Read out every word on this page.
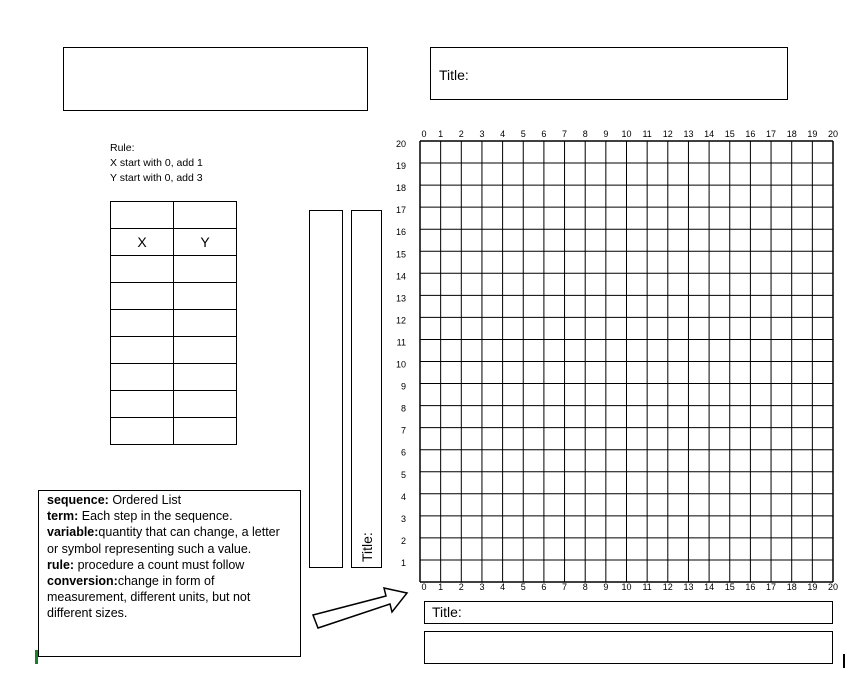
Title:
Rule:
X start with 0, add 1
Y start with 0, add 3

X	Y

Title:
sequence: Ordered List
term: Each step in the sequence.
variable:quantity that can change, a letter or symbol representing such a value.
rule: procedure a count must follow
conversion:change in form of measurement, different units, but not different sizes.
0
0
1
1
2
2
3
3
4
4
5
5
6
6
7
7
8
8
9
9
10
10
11
11
12
12
13
13
14
14
15
15
16
16
17
17
18
18
19
19
20
20
20
19
18
17
16
15
14
13
12
11
10
9
8
7
6
5
4
3
2
1
Title:
